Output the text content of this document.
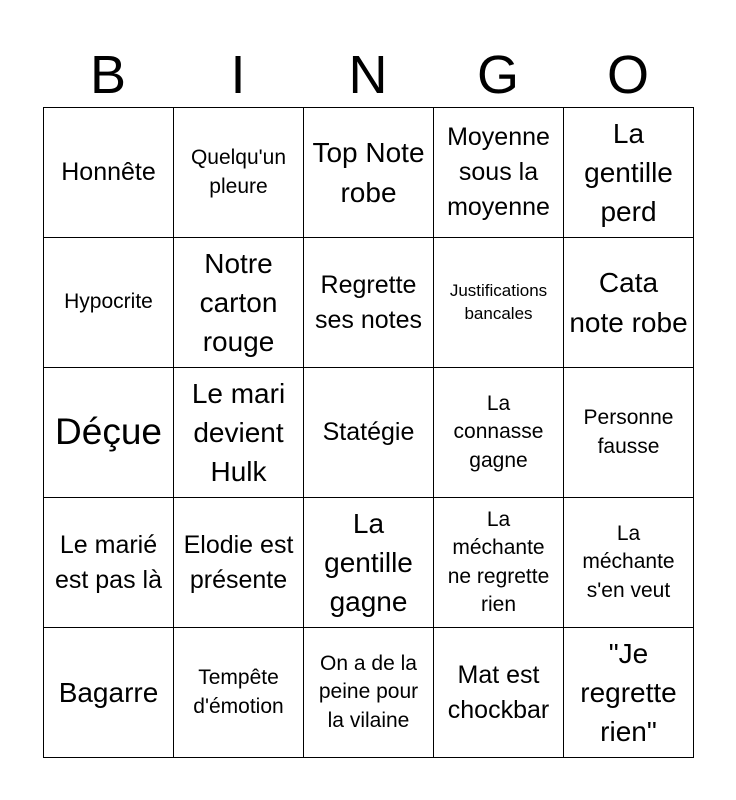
B	I	N	G	O
Honnête	Quelqu'un pleure	Top Note robe	Moyenne sous la moyenne	La gentille perd
Hypocrite	Notre carton rouge	Regrette ses notes	Justifications bancales	Cata note robe
Déçue	Le mari devient Hulk	Statégie	La connasse gagne	Personne fausse
Le marié est pas là	Elodie est présente	La gentille gagne	La méchante ne regrette rien	La méchante s'en veut
Bagarre	Tempête d'émotion	On a de la peine pour la vilaine	Mat est chockbar	"Je regrette rien"
